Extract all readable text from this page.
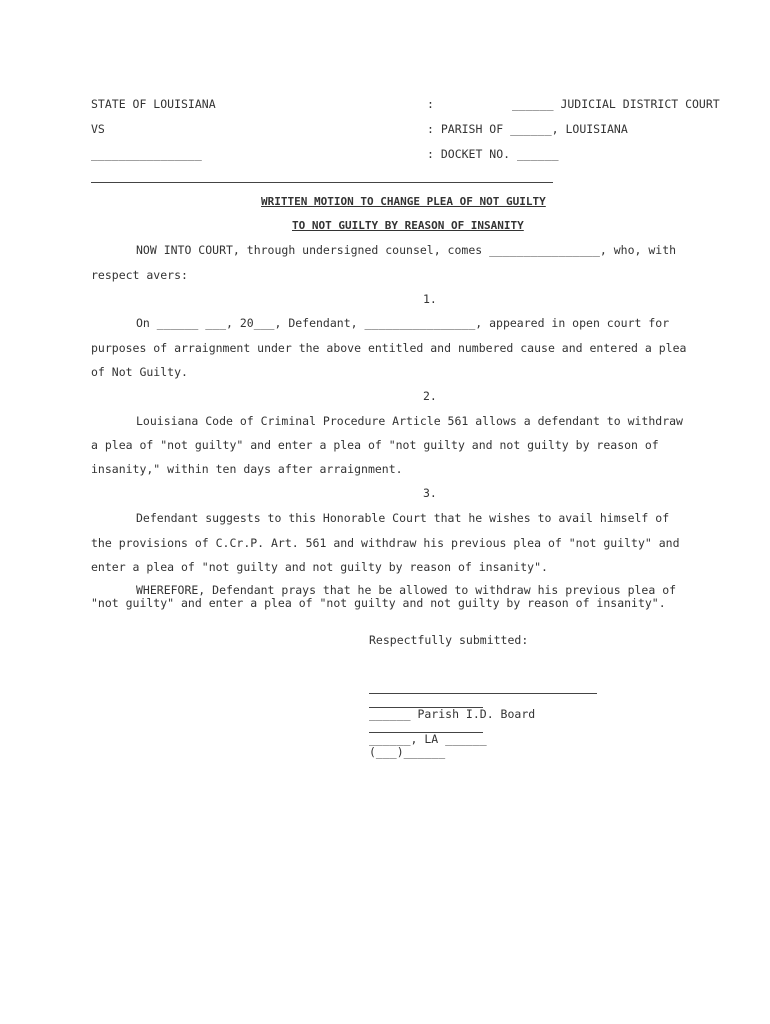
STATE OF LOUISIANA	:	______ JUDICIAL DISTRICT COURT
VS	: PARISH OF ______, LOUISIANA
________________	: DOCKET NO. ______
WRITTEN MOTION TO CHANGE PLEA OF NOT GUILTY
TO NOT GUILTY BY REASON OF INSANITY
NOW INTO COURT, through undersigned counsel, comes ________________, who, with
respect avers:
1.
On ______ ___, 20___, Defendant, ________________, appeared in open court for
purposes of arraignment under the above entitled and numbered cause and entered a plea
of Not Guilty.
2.
Louisiana Code of Criminal Procedure Article 561 allows a defendant to withdraw
a plea of "not guilty" and enter a plea of "not guilty and not guilty by reason of
insanity," within ten days after arraignment.
3.
Defendant suggests to this Honorable Court that he wishes to avail himself of
the provisions of C.Cr.P. Art. 561 and withdraw his previous plea of "not guilty" and
enter a plea of "not guilty and not guilty by reason of insanity".
WHEREFORE, Defendant prays that he be allowed to withdraw his previous plea of
"not guilty" and enter a plea of "not guilty and not guilty by reason of insanity".
Respectfully submitted:
______ Parish I.D. Board
______, LA ______
(___)______
